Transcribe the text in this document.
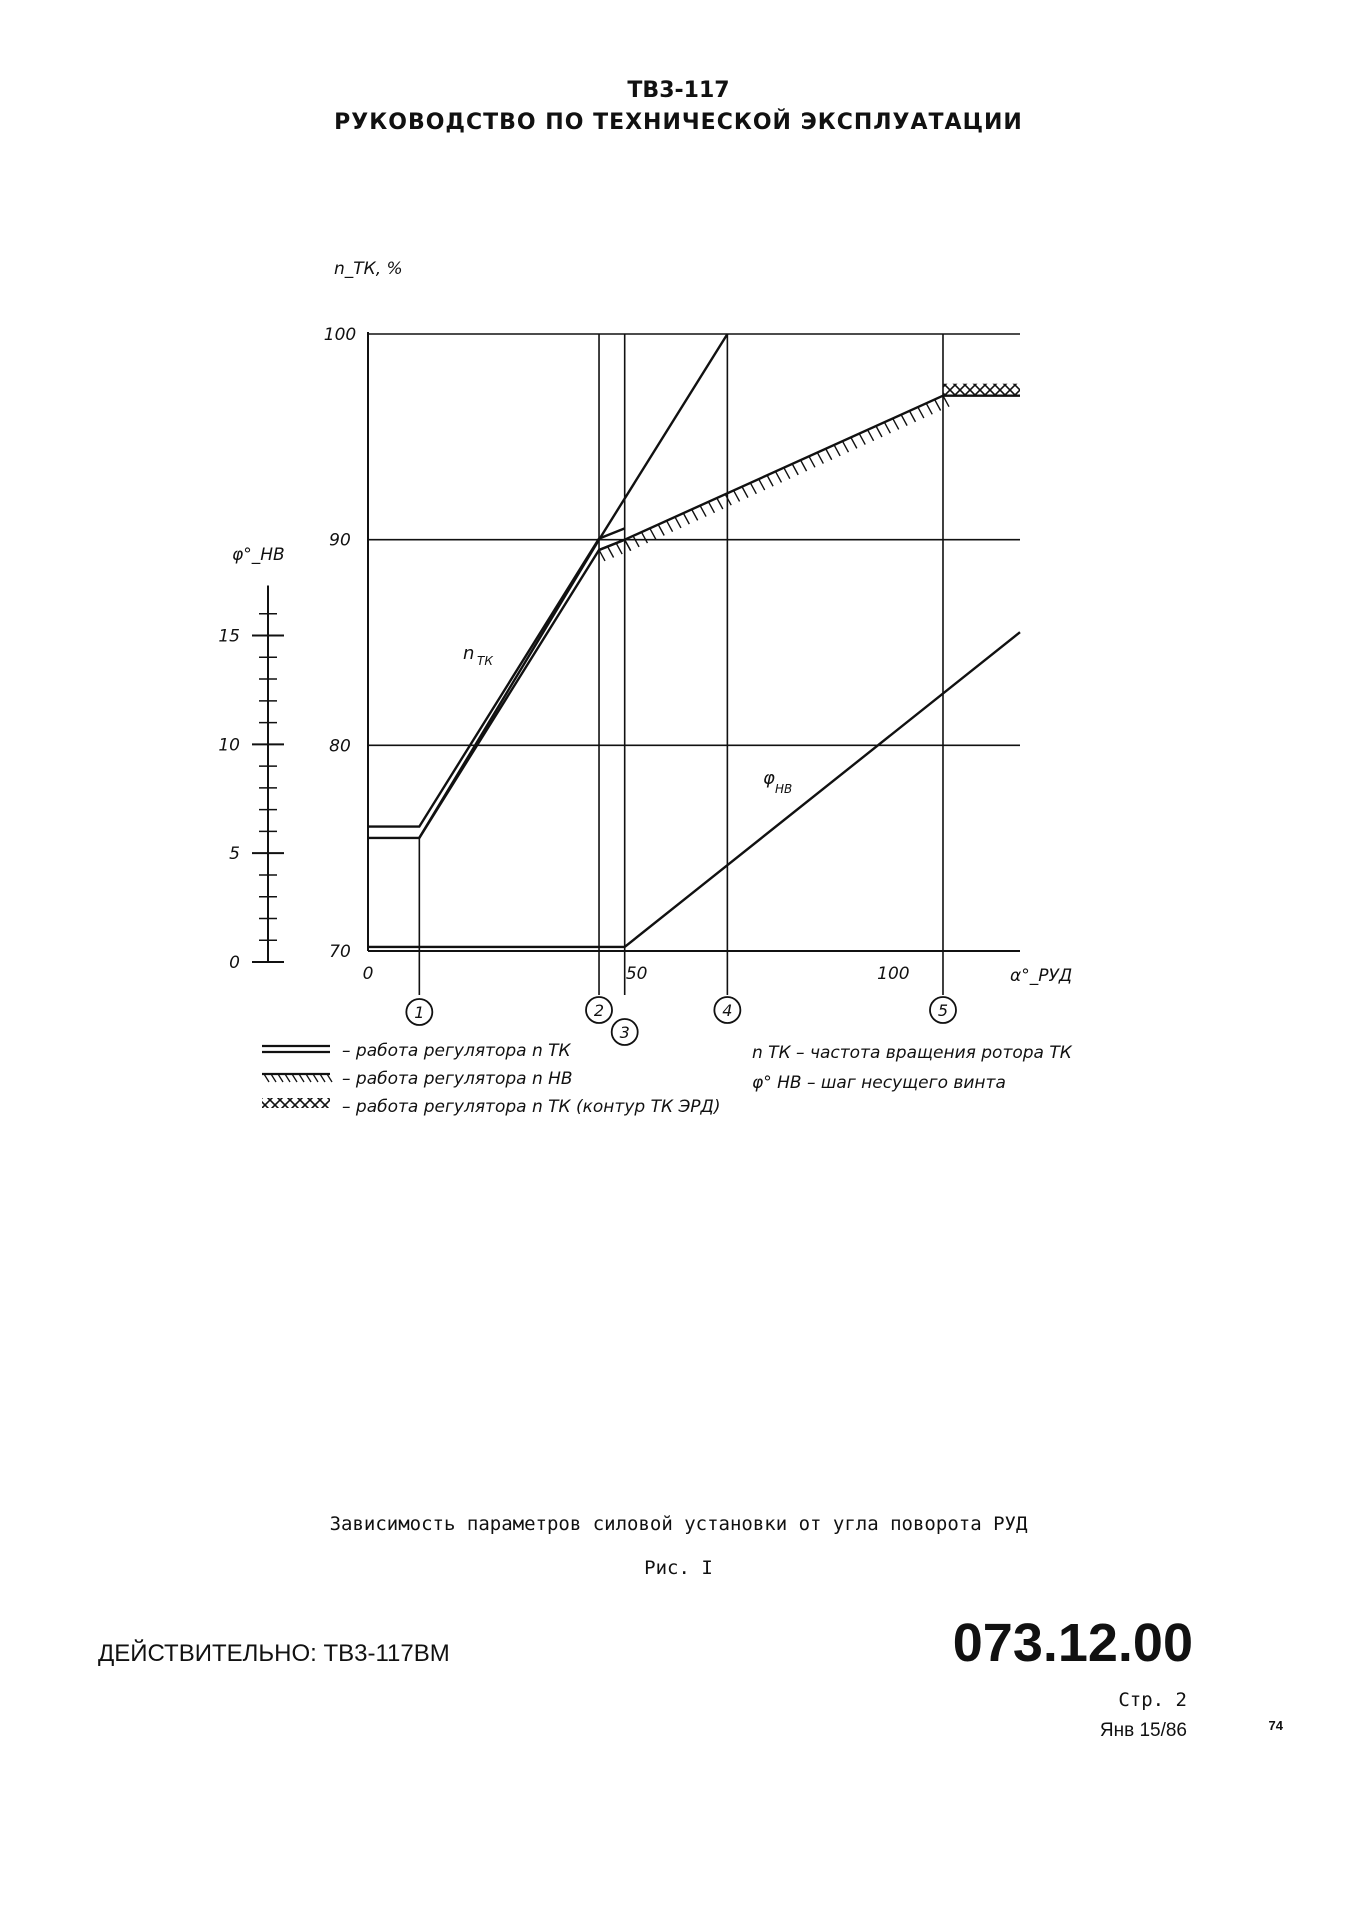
ТВ3-117
РУКОВОДСТВО ПО ТЕХНИЧЕСКОЙ ЭКСПЛУАТАЦИИ
1	2
3
4	5
70
80
90
100
0	50	100
n_ТК, %
α°_РУД
φ°_НВ
0
5
10
15
n ТК
φ НВ
– работа регулятора n ТК
– работа регулятора n НВ
– работа регулятора n ТК (контур ТК ЭРД)
n ТК – частота вращения ротора ТК
φ° НВ – шаг несущего винта
Зависимость параметров силовой установки от угла поворота РУД
Рис. I
ДЕЙСТВИТЕЛЬНО: ТВ3-117ВМ	073.12.00
Стр. 2
Янв 15/86	74
